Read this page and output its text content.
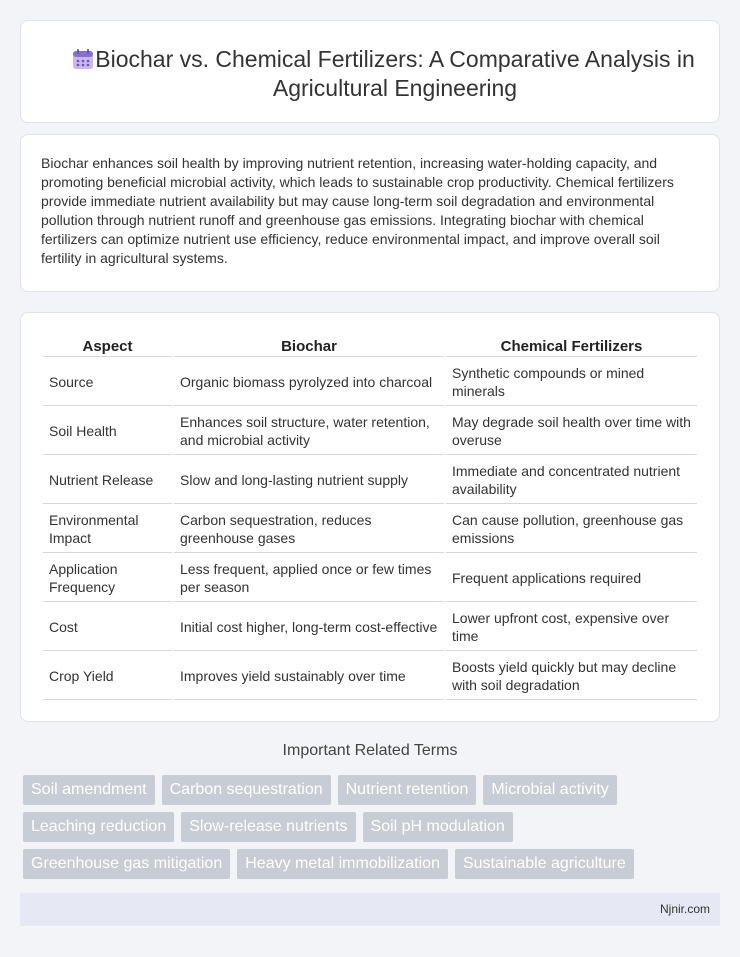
Biochar vs. Chemical Fertilizers: A Comparative Analysis in Agricultural Engineering

Biochar enhances soil health by improving nutrient retention, increasing water-holding capacity, and promoting beneficial microbial activity, which leads to sustainable crop productivity. Chemical fertilizers provide immediate nutrient availability but may cause long-term soil degradation and environmental pollution through nutrient runoff and greenhouse gas emissions. Integrating biochar with chemical fertilizers can optimize nutrient use efficiency, reduce environmental impact, and improve overall soil fertility in agricultural systems.

Aspect	Biochar	Chemical Fertilizers
Source	Organic biomass pyrolyzed into charcoal	Synthetic compounds or mined minerals
Soil Health	Enhances soil structure, water retention, and microbial activity	May degrade soil health over time with overuse
Nutrient Release	Slow and long-lasting nutrient supply	Immediate and concentrated nutrient availability
Environmental Impact	Carbon sequestration, reduces greenhouse gases	Can cause pollution, greenhouse gas emissions
Application Frequency	Less frequent, applied once or few times per season	Frequent applications required
Cost	Initial cost higher, long-term cost-effective	Lower upfront cost, expensive over time
Crop Yield	Improves yield sustainably over time	Boosts yield quickly but may decline with soil degradation
Important Related Terms
Soil amendment	Carbon sequestration	Nutrient retention	Microbial activity
Leaching reduction	Slow-release nutrients	Soil pH modulation
Greenhouse gas mitigation	Heavy metal immobilization	Sustainable agriculture
Njnir.com
